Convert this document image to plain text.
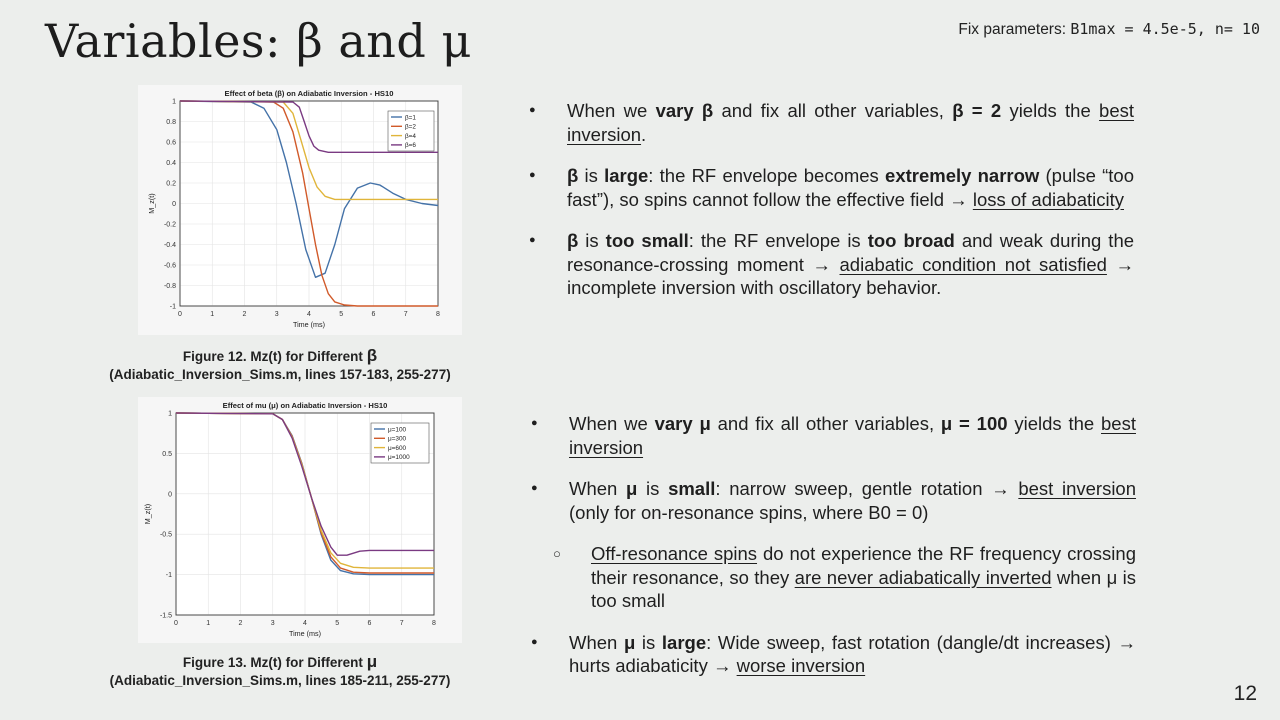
Variables: β and μ	Fix parameters: B1max = 4.5e-5, n= 10
0	1	2	3	4	5	6	7	8
-1
-0.8
-0.6
-0.4
-0.2
0
0.2
0.4
0.6
0.8
1
Effect of beta (β) on Adiabatic Inversion - HS10
Time (ms)
M_z(t)
β=1
β=2
β=4
β=6
Figure 12. Mz(t) for Different β
(Adiabatic_Inversion_Sims.m, lines 157-183, 255-277)
0	1	2	3	4	5	6	7	8
-1.5
-1
-0.5
0
0.5
1
Effect of mu (μ) on Adiabatic Inversion - HS10
Time (ms)
M_z(t)
μ=100
μ=300
μ=600
μ=1000
Figure 13. Mz(t) for Different μ
(Adiabatic_Inversion_Sims.m, lines 185-211, 255-277)
● When we vary β and fix all other variables, β = 2 yields the best inversion.
● β is large: the RF envelope becomes extremely narrow (pulse “too fast”), so spins cannot follow the effective field → loss of adiabaticity
● β is too small: the RF envelope is too broad and weak during the resonance-crossing moment → adiabatic condition not satisfied → incomplete inversion with oscillatory behavior.
● When we vary μ and fix all other variables, μ = 100 yields the best inversion
● When μ is small: narrow sweep, gentle rotation → best inversion (only for on-resonance spins, where B0 = 0)
○ Off-resonance spins do not experience the RF frequency crossing their resonance, so they are never adiabatically inverted when μ is too small
● When μ is large: Wide sweep, fast rotation (dangle/dt increases) → hurts adiabaticity → worse inversion
12
